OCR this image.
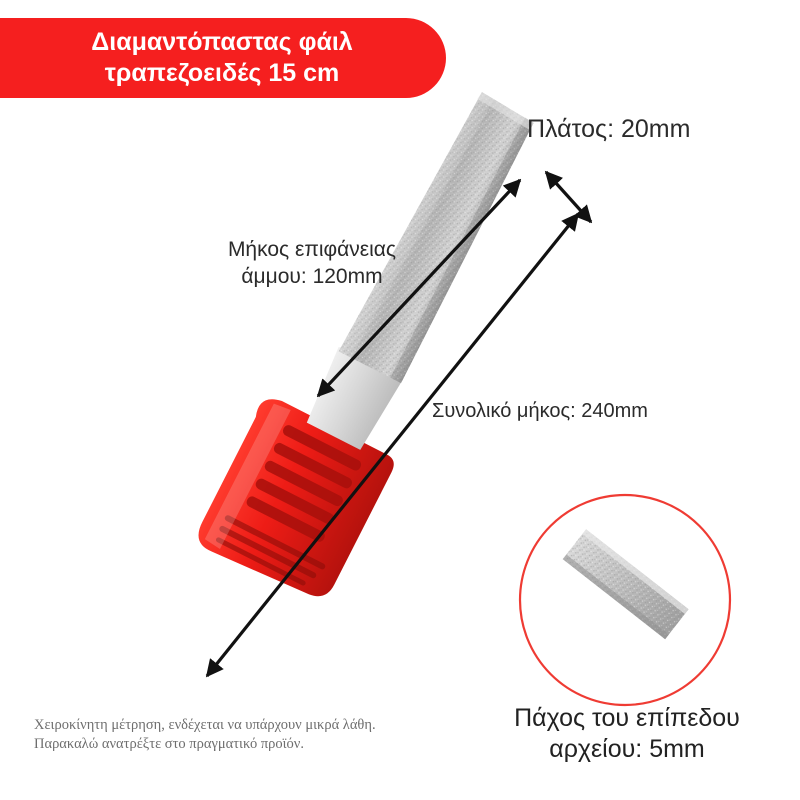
Διαμαντόπαστας φάιλ
τραπεζοειδές 15 cm
Πλάτος: 20mm
Μήκος επιφάνειας άμμου: 120mm
Συνολικό μήκος: 240mm
Πάχος του επίπεδου αρχείου: 5mm
Χειροκίνητη μέτρηση, ενδέχεται να υπάρχουν μικρά λάθη. Παρακαλώ ανατρέξτε στο πραγματικό προϊόν.
